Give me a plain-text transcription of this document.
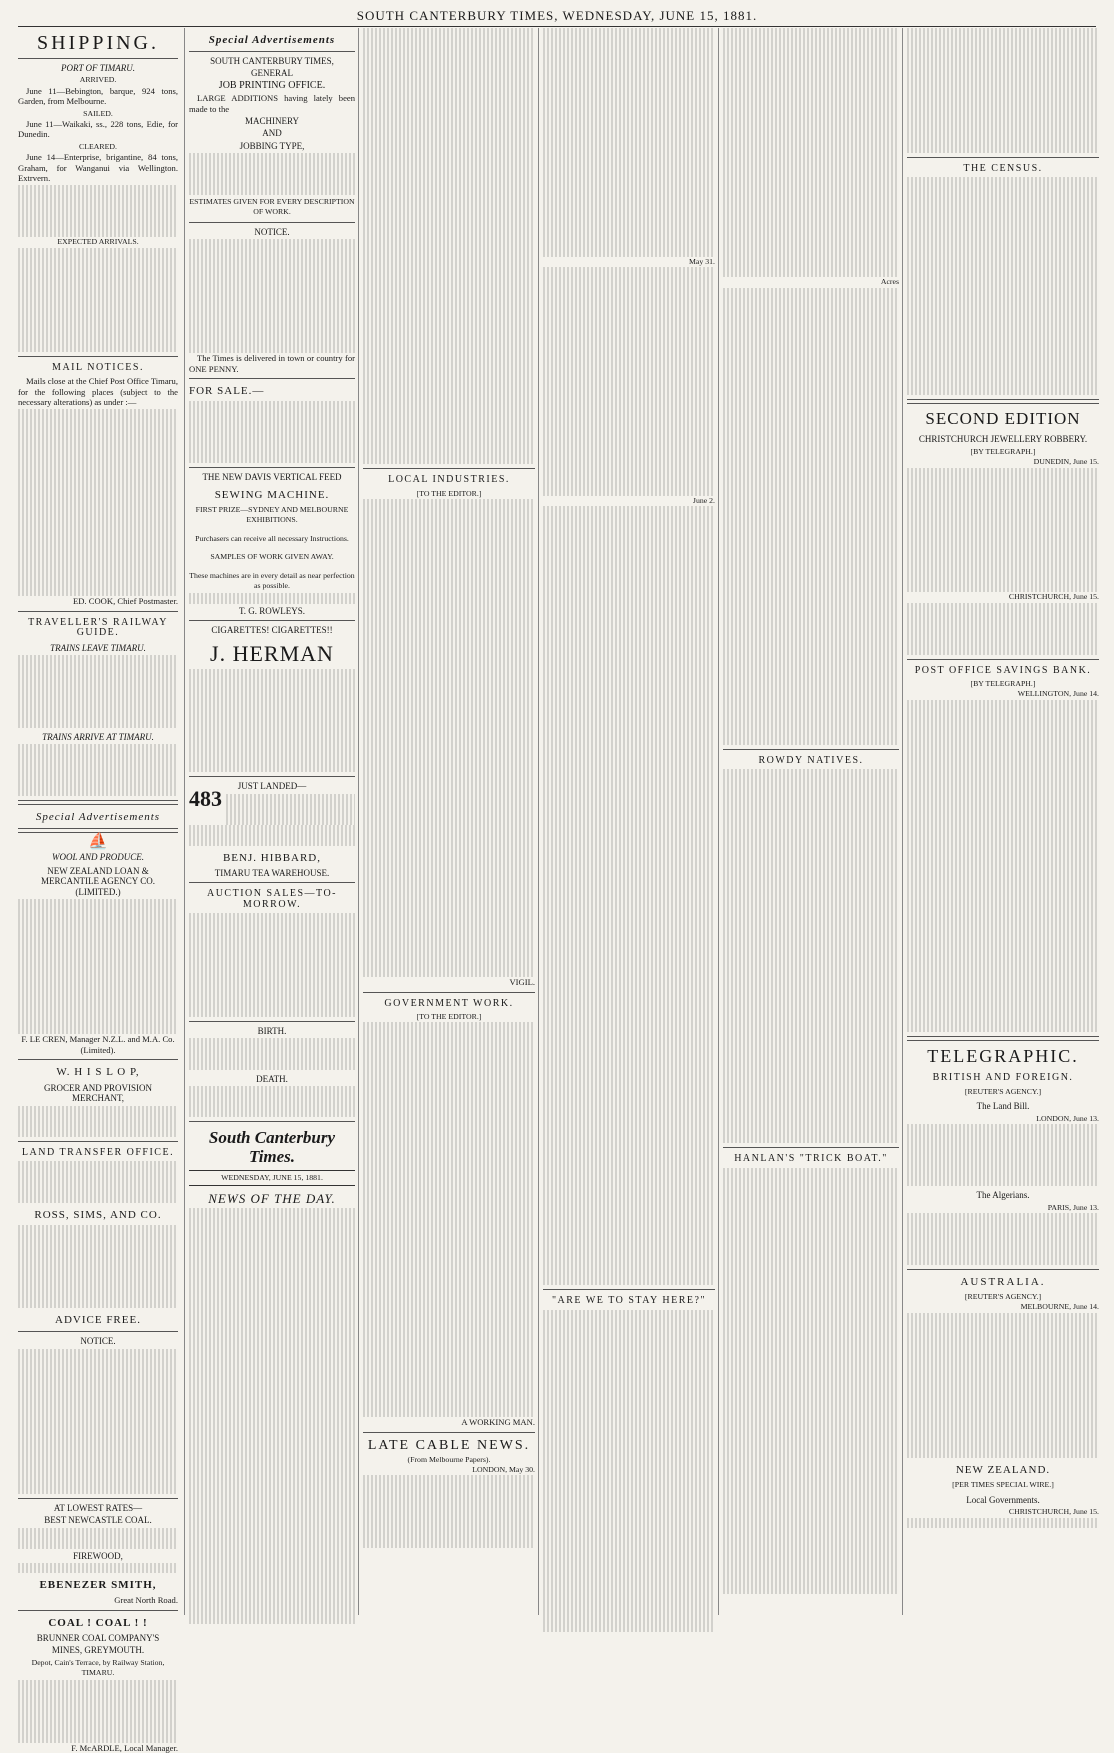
SOUTH CANTERBURY TIMES, WEDNESDAY, JUNE 15, 1881.
SHIPPING.
PORT OF TIMARU.
ARRIVED.

June 11—Bebington, barque, 924 tons, Garden, from Melbourne.

SAILED.

June 11—Waikaki, ss., 228 tons, Edie, for Dunedin.

CLEARED.

June 14—Enterprise, brigantine, 84 tons, Graham, for Wanganui via Wellington. Extrvern.

EXPECTED ARRIVALS.
MAIL NOTICES.

Mails close at the Chief Post Office Timaru, for the following places (subject to the necessary alterations) as under :—

ED. COOK, Chief Postmaster.
TRAVELLER'S RAILWAY GUIDE.
TRAINS LEAVE TIMARU.
TRAINS ARRIVE AT TIMARU.
Special Advertisements
⛵
WOOL AND PRODUCE.
NEW ZEALAND LOAN & MERCANTILE AGENCY CO. (LIMITED.)

F. LE CREN, Manager N.Z.L. and M.A. Co. (Limited).

W. H I S L O P,
GROCER AND PROVISION MERCHANT,
LAND TRANSFER OFFICE.
ROSS, SIMS, AND CO.
ADVICE FREE.
NOTICE.
AT LOWEST RATES—
BEST NEWCASTLE COAL.
FIREWOOD,
EBENEZER SMITH,
Great North Road.
COAL ! COAL ! !
BRUNNER COAL COMPANY'S
MINES, GREYMOUTH.
Depot, Cain's Terrace, by Railway Station, TIMARU.
F. McARDLE, Local Manager.
Special Advertisements
SOUTH CANTERBURY TIMES,
GENERAL
JOB PRINTING OFFICE.

LARGE ADDITIONS having lately been made to the

MACHINERY
AND
JOBBING TYPE,
ESTIMATES GIVEN FOR EVERY DESCRIPTION OF WORK.
NOTICE.

The Times is delivered in town or country for ONE PENNY.

FOR SALE.—
THE NEW DAVIS VERTICAL FEED
SEWING MACHINE.
FIRST PRIZE—SYDNEY AND MELBOURNE EXHIBITIONS.
Purchasers can receive all necessary Instructions.
SAMPLES OF WORK GIVEN AWAY.
These machines are in every detail as near perfection as possible.
T. G. ROWLEYS.
CIGARETTES! CIGARETTES!!
J. HERMAN
JUST LANDED—
483
BENJ. HIBBARD,
TIMARU TEA WAREHOUSE.
AUCTION SALES—TO-MORROW.
BIRTH.
DEATH.
South Canterbury Times.
WEDNESDAY, JUNE 15, 1881.
NEWS OF THE DAY.
LOCAL INDUSTRIES.
[TO THE EDITOR.]
VIGIL.
GOVERNMENT WORK.
[TO THE EDITOR.]
A WORKING MAN.
LATE CABLE NEWS.
(From Melbourne Papers).
LONDON, May 30.
May 31.
June 2.
"ARE WE TO STAY HERE?"
Acres
ROWDY NATIVES.
HANLAN'S "TRICK BOAT."
THE CENSUS.
SECOND EDITION
CHRISTCHURCH JEWELLERY ROBBERY.
[BY TELEGRAPH.]
DUNEDIN, June 15.
CHRISTCHURCH, June 15.
POST OFFICE SAVINGS BANK.
[BY TELEGRAPH.]
WELLINGTON, June 14.
TELEGRAPHIC.
BRITISH AND FOREIGN.
[REUTER'S AGENCY.]
The Land Bill.
LONDON, June 13.
The Algerians.
PARIS, June 13.
AUSTRALIA.
[REUTER'S AGENCY.]
MELBOURNE, June 14.
NEW ZEALAND.
[PER TIMES SPECIAL WIRE.]
Local Governments.
CHRISTCHURCH, June 15.
